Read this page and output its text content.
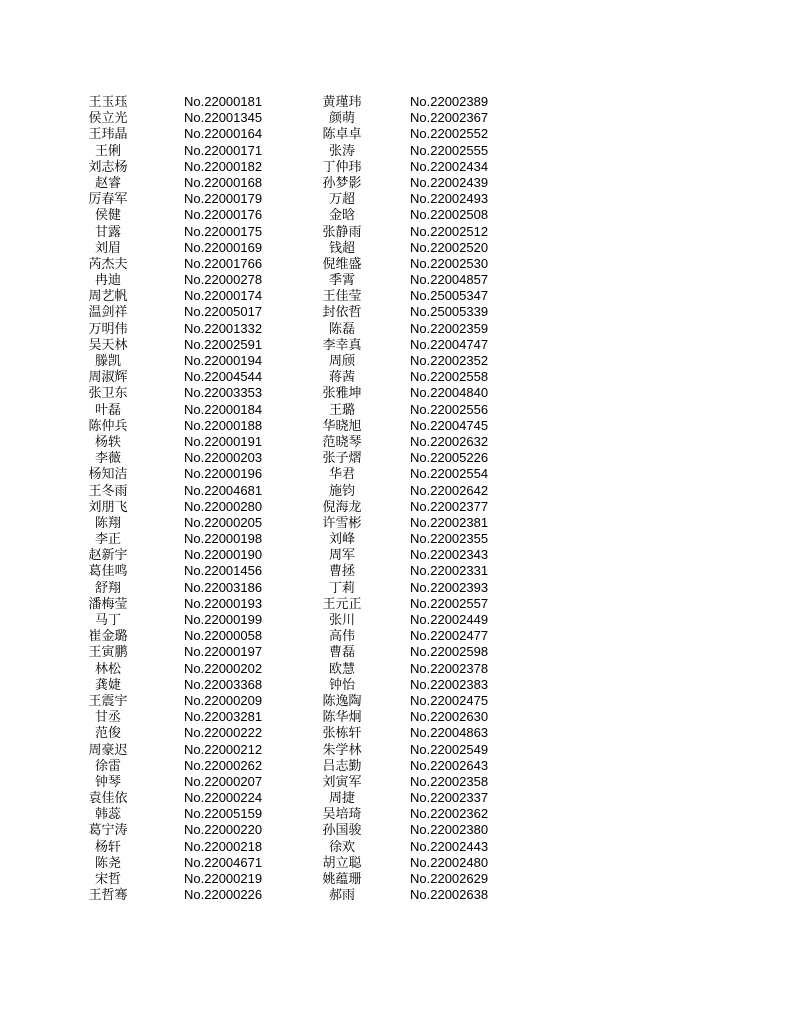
王玉珏	No.22000181	黄瑾玮	No.22002389
侯立光	No.22001345	颜萌	No.22002367
王玮晶	No.22000164	陈卓卓	No.22002552
王俐	No.22000171	张涛	No.22002555
刘志杨	No.22000182	丁仲玮	No.22002434
赵睿	No.22000168	孙梦影	No.22002439
厉春军	No.22000179	万超	No.22002493
侯健	No.22000176	金晗	No.22002508
甘露	No.22000175	张静雨	No.22002512
刘眉	No.22000169	钱超	No.22002520
芮杰夫	No.22001766	倪维盛	No.22002530
冉迪	No.22000278	季霄	No.22004857
周艺帆	No.22000174	王佳莹	No.25005347
温剑祥	No.22005017	封依哲	No.25005339
万明伟	No.22001332	陈磊	No.22002359
吴天林	No.22002591	李幸真	No.22004747
滕凯	No.22000194	周颀	No.22002352
周淑辉	No.22004544	蒋茜	No.22002558
张卫东	No.22003353	张雅坤	No.22004840
叶磊	No.22000184	王璐	No.22002556
陈仲兵	No.22000188	华晓旭	No.22004745
杨轶	No.22000191	范晓琴	No.22002632
李薇	No.22000203	张子熠	No.22005226
杨知洁	No.22000196	华君	No.22002554
王冬雨	No.22004681	施钧	No.22002642
刘朋飞	No.22000280	倪海龙	No.22002377
陈翔	No.22000205	许雪彬	No.22002381
李正	No.22000198	刘峰	No.22002355
赵新宇	No.22000190	周军	No.22002343
葛佳鸣	No.22001456	曹拯	No.22002331
舒翔	No.22003186	丁莉	No.22002393
潘梅莹	No.22000193	王元正	No.22002557
马丁	No.22000199	张川	No.22002449
崔金璐	No.22000058	高伟	No.22002477
王寅鹏	No.22000197	曹磊	No.22002598
林松	No.22000202	欧慧	No.22002378
龚婕	No.22003368	钟怡	No.22002383
王震宇	No.22000209	陈逸陶	No.22002475
甘丞	No.22003281	陈华炯	No.22002630
范俊	No.22000222	张栋轩	No.22004863
周豪迟	No.22000212	朱学林	No.22002549
徐雷	No.22000262	吕志勤	No.22002643
钟琴	No.22000207	刘寅军	No.22002358
袁佳依	No.22000224	周捷	No.22002337
韩蕊	No.22005159	吴培琦	No.22002362
葛宁涛	No.22000220	孙国骏	No.22002380
杨轩	No.22000218	徐欢	No.22002443
陈尧	No.22004671	胡立聪	No.22002480
宋哲	No.22000219	姚蕴珊	No.22002629
王哲骞	No.22000226	郝雨	No.22002638
